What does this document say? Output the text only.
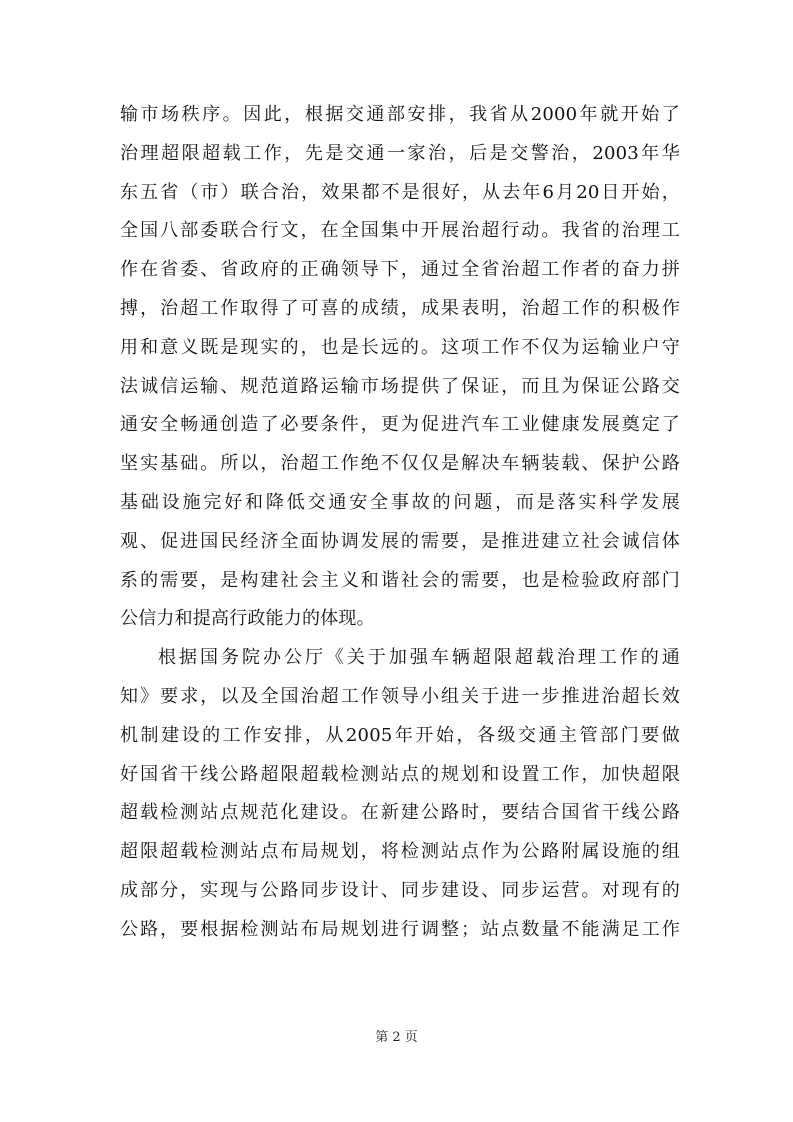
输市场秩序。因此，根据交通部安排，我省从2000年就开始了
治理超限超载工作，先是交通一家治，后是交警治，2003年华
东五省（市）联合治，效果都不是很好，从去年6月20日开始，
全国八部委联合行文，在全国集中开展治超行动。我省的治理工
作在省委、省政府的正确领导下，通过全省治超工作者的奋力拼
搏，治超工作取得了可喜的成绩，成果表明，治超工作的积极作
用和意义既是现实的，也是长远的。这项工作不仅为运输业户守
法诚信运输、规范道路运输市场提供了保证，而且为保证公路交
通安全畅通创造了必要条件，更为促进汽车工业健康发展奠定了
坚实基础。所以，治超工作绝不仅仅是解决车辆装载、保护公路
基础设施完好和降低交通安全事故的问题，而是落实科学发展
观、促进国民经济全面协调发展的需要，是推进建立社会诚信体
系的需要，是构建社会主义和谐社会的需要，也是检验政府部门
公信力和提高行政能力的体现。
根据国务院办公厅《关于加强车辆超限超载治理工作的通
知》要求，以及全国治超工作领导小组关于进一步推进治超长效
机制建设的工作安排，从2005年开始，各级交通主管部门要做
好国省干线公路超限超载检测站点的规划和设置工作，加快超限
超载检测站点规范化建设。在新建公路时，要结合国省干线公路
超限超载检测站点布局规划，将检测站点作为公路附属设施的组
成部分，实现与公路同步设计、同步建设、同步运营。对现有的
公路，要根据检测站布局规划进行调整；站点数量不能满足工作
第 2 页
